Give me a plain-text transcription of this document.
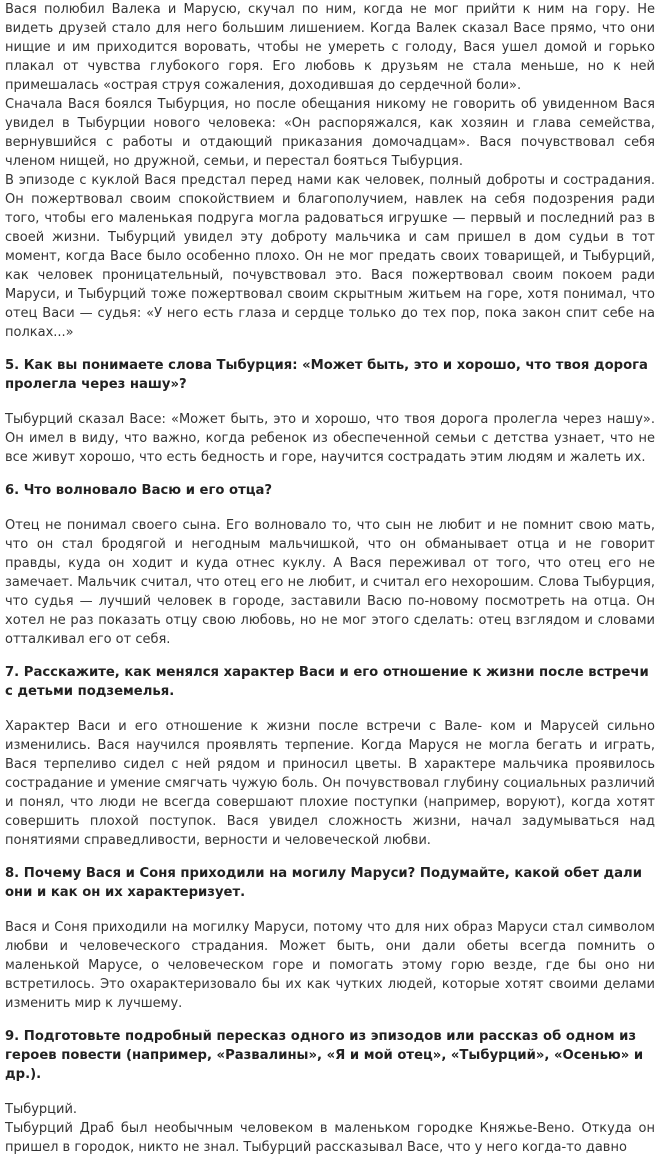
Вася полюбил Валека и Марусю, скучал по ним, когда не мог прийти к ним на гору. Не видеть друзей стало для него большим лишением. Когда Валек сказал Васе прямо, что они нищие и им приходится воровать, чтобы не умереть с голоду, Вася ушел домой и горько плакал от чувства глубокого горя. Его любовь к друзьям не стала меньше, но к ней примешалась «острая струя сожаления, доходившая до сердечной боли».

Сначала Вася боялся Тыбурция, но после обещания никому не говорить об увиденном Вася увидел в Тыбурции нового человека: «Он распоряжался, как хозяин и глава семейства, вернувшийся с работы и отдающий приказания домочадцам». Вася почувствовал себя членом нищей, но дружной, семьи, и перестал бояться Тыбурция.

В эпизоде с куклой Вася предстал перед нами как человек, полный доброты и сострадания. Он пожертвовал своим спокойствием и благополучием, навлек на себя подозрения ради того, чтобы его маленькая подруга могла радоваться игрушке — первый и последний раз в своей жизни. Тыбурций увидел эту доброту мальчика и сам пришел в дом судьи в тот момент, когда Васе было особенно плохо. Он не мог предать своих товарищей, и Тыбурций, как человек проницательный, почувствовал это. Вася пожертвовал своим покоем ради Маруси, и Тыбурций тоже пожертвовал своим скрытным житьем на горе, хотя понимал, что отец Васи — судья: «У него есть глаза и сердце только до тех пор, пока закон спит себе на полках...»

5. Как вы понимаете слова Тыбурция: «Может быть, это и хорошо, что твоя дорога пролегла через нашу»?

Тыбурций сказал Васе: «Может быть, это и хорошо, что твоя дорога пролегла через нашу». Он имел в виду, что важно, когда ребенок из обеспеченной семьи с детства узнает, что не все живут хорошо, что есть бедность и горе, научится сострадать этим людям и жалеть их.

6. Что волновало Васю и его отца?

Отец не понимал своего сына. Его волновало то, что сын не любит и не помнит свою мать, что он стал бродягой и негодным мальчишкой, что он обманывает отца и не говорит правды, куда он ходит и куда отнес куклу. А Вася переживал от того, что отец его не замечает. Мальчик считал, что отец его не любит, и считал его нехорошим. Слова Тыбурция, что судья — лучший человек в городе, заставили Васю по-новому посмотреть на отца. Он хотел не раз показать отцу свою любовь, но не мог этого сделать: отец взглядом и словами отталкивал его от себя.

7. Расскажите, как менялся характер Васи и его отношение к жизни после встречи с детьми подземелья.

Характер Васи и его отношение к жизни после встречи с Вале- ком и Марусей сильно изменились. Вася научился проявлять терпение. Когда Маруся не могла бегать и играть, Вася терпеливо сидел с ней рядом и приносил цветы. В характере мальчика проявилось сострадание и умение смягчать чужую боль. Он почувствовал глубину социальных различий и понял, что люди не всегда совершают плохие поступки (например, воруют), когда хотят совершить плохой поступок. Вася увидел сложность жизни, начал задумываться над понятиями справедливости, верности и человеческой любви.

8. Почему Вася и Соня приходили на могилу Маруси? Подумайте, какой обет дали они и как он их характеризует.

Вася и Соня приходили на могилку Маруси, потому что для них образ Маруси стал символом любви и человеческого страдания. Может быть, они дали обеты всегда помнить о маленькой Марусе, о человеческом горе и помогать этому горю везде, где бы оно ни встретилось. Это охарактеризовало бы их как чутких людей, которые хотят своими делами изменить мир к лучшему.

9. Подготовьте подробный пересказ одного из эпизодов или рассказ об одном из героев повести (например, «Развалины», «Я и мой отец», «Тыбурций», «Осенью» и др.).

Тыбурций.

Тыбурций Драб был необычным человеком в маленьком городке Княжье-Вено. Откуда он пришел в городок, никто не знал. Тыбурций рассказывал Васе, что у него когда-то давно
